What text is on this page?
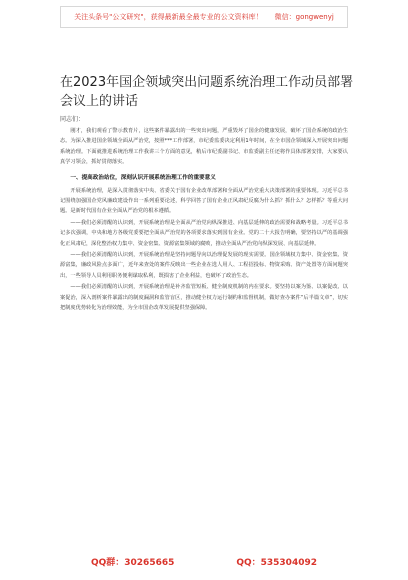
关注头条号"公文研究"，获得最新最全最专业的公文资料库！ 微信：gongwenyj
在2023年国企领域突出问题系统治理工作动员部署会议上的讲话
同志们：

刚才，我们观看了警示教育片，这些案件暴露出的一些突出问题，严重毁坏了国企的健康发展，破坏了国企系统的政治生态。为深入推进国企领域全面从严治党，按照***工作部署，市纪委监委决定利用1年时间，在全市国企领域深入开展突出问题系统治理。下面就推进系统治理工作我讲三个方面的意见，稍后市纪委副书记、市监委副主任还将作具体部署安排，大家要认真学习领会，抓好贯彻落实。

一、提高政治站位，深刻认识开展系统治理工作的重要意义

开展系统治理，是深入贯彻落实中央、省委关于国有企业改革部署和全面从严治党重大决策部署的重要体现。习近平总书记围绕加强国企党风廉政建设作出一系列重要论述，科学回答了国有企业正风肃纪反腐为什么抓？抓什么？怎样抓？等重大问题。是新时代国有企业全面从严治党的根本遵循。

——我们必须清醒的认识到，开展系统治理是全面从严治党向纵深推进、向基层延伸的政治需要和战略考量。习近平总书记多次强调，中央和地方各级党委要把全面从严治党的各项要求落实到国有企业。党的二十大报告明确，要坚持以严的基调强化正风肃纪，深化整治权力集中、资金密集、资源富集领域的腐败，推动全面从严治党向纵深发展、向基层延伸。

——我们必须清醒的认识到，开展系统治理是坚持问题导向以治理促发展的现实需要。国企领域权力集中、资金密集、资源富集，廉政风险点多面广，近年来查处的案件反映出一些企业在选人用人、工程招投标、物资采购、资产处置等方面问题突出，一些领导人员利用职务便利谋取私利，既损害了企业利益，也破坏了政治生态。

——我们必须清醒的认识到，开展系统治理是补齐监管短板、健全制度机制的内在要求。要坚持以案为鉴、以案促改、以案促治，深入剖析案件暴露出的制度漏洞和监管盲区，推动健全权力运行制约和监督机制，做好查办案件“后半篇文章”，切实把制度优势转化为治理效能，为全市国企改革发展提供坚强保障。

QQ群：30265665	QQ：535304092
